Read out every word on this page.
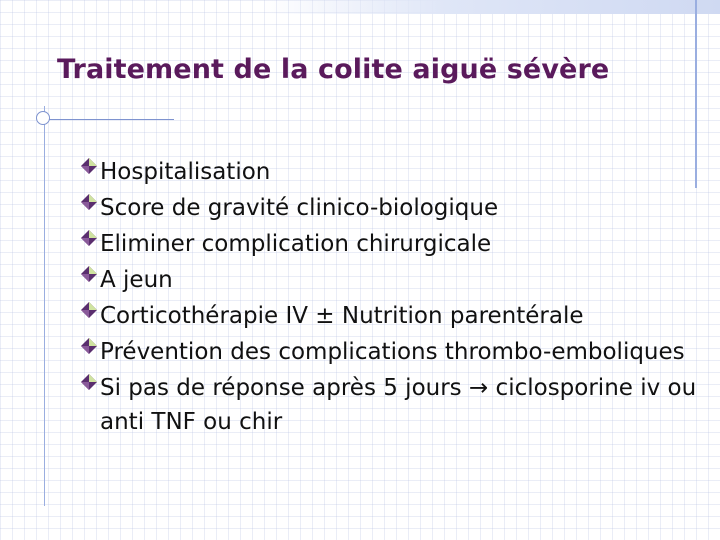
Traitement de la colite aiguë sévère
Hospitalisation
Score de gravité clinico-biologique
Eliminer complication chirurgicale
A jeun
Corticothérapie IV ± Nutrition parentérale
Prévention des complications thrombo-emboliques
Si pas de réponse après 5 jours → ciclosporine iv ou anti TNF ou chir
